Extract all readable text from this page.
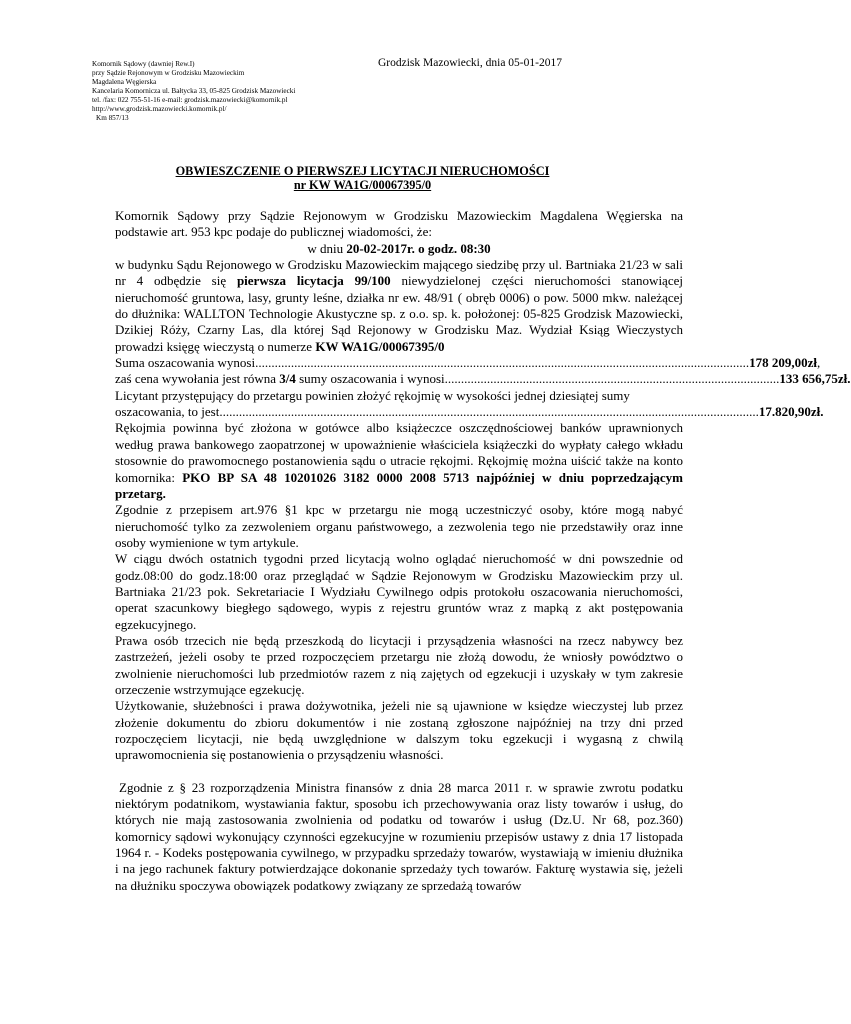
Komornik Sądowy (dawniej Rew.I)
przy Sądzie Rejonowym w Grodzisku Mazowieckim
Magdalena Węgierska
Kancelaria Komornicza ul. Bałtycka 33, 05-825 Grodzisk Mazowiecki
tel. /fax: 022 755-51-16 e-mail: grodzisk.mazowiecki@komornik.pl
http://www.grodzisk.mazowiecki.komornik.pl/
Km 857/13
Grodzisk Mazowiecki, dnia 05-01-2017
OBWIESZCZENIE O PIERWSZEJ LICYTACJI NIERUCHOMOŚCI
nr KW WA1G/00067395/0

Komornik Sądowy przy Sądzie Rejonowym w Grodzisku Mazowieckim Magdalena Węgierska na podstawie art. 953 kpc podaje do publicznej wiadomości, że:

w dniu 20-02-2017r. o godz. 08:30

w budynku Sądu Rejonowego w Grodzisku Mazowieckim mającego siedzibę przy ul. Bartniaka 21/23 w sali nr 4 odbędzie się pierwsza licytacja 99/100 niewydzielonej części nieruchomości stanowiącej nieruchomość gruntowa, lasy, grunty leśne, działka nr ew. 48/91 ( obręb 0006) o pow. 5000 mkw. należącej do dłużnika: WALLTON Technologie Akustyczne sp. z o.o. sp. k. położonej: 05-825 Grodzisk Mazowiecki, Dzikiej Róży, Czarny Las, dla której Sąd Rejonowy w Grodzisku Maz. Wydział Ksiąg Wieczystych prowadzi księgę wieczystą o numerze KW WA1G/00067395/0

Suma oszacowania wynosi ........................................................................................................................................................ 178 209,00zł,
zaś cena wywołania jest równa 3/4 sumy oszacowania i wynosi ....................................................................................................... 133 656,75zł.

Licytant przystępujący do przetargu powinien złożyć rękojmię w wysokości jednej dziesiątej sumy

oszacowania, to jest ...................................................................................................................................................................... 17.820,90zł.

Rękojmia powinna być złożona w gotówce albo książeczce oszczędnościowej banków uprawnionych według prawa bankowego zaopatrzonej w upoważnienie właściciela książeczki do wypłaty całego wkładu stosownie do prawomocnego postanowienia sądu o utracie rękojmi. Rękojmię można uiścić także na konto komornika: PKO BP SA 48 10201026 3182 0000 2008 5713 najpóźniej w dniu poprzedzającym przetarg.

Zgodnie z przepisem art.976 §1 kpc w przetargu nie mogą uczestniczyć osoby, które mogą nabyć nieruchomość tylko za zezwoleniem organu państwowego, a zezwolenia tego nie przedstawiły oraz inne osoby wymienione w tym artykule.

W ciągu dwóch ostatnich tygodni przed licytacją wolno oglądać nieruchomość w dni powszednie od godz.08:00 do godz.18:00 oraz przeglądać w Sądzie Rejonowym w Grodzisku Mazowieckim przy ul. Bartniaka 21/23 pok. Sekretariacie I Wydziału Cywilnego odpis protokołu oszacowania nieruchomości, operat szacunkowy biegłego sądowego, wypis z rejestru gruntów wraz z mapką z akt postępowania egzekucyjnego.

Prawa osób trzecich nie będą przeszkodą do licytacji i przysądzenia własności na rzecz nabywcy bez zastrzeżeń, jeżeli osoby te przed rozpoczęciem przetargu nie złożą dowodu, że wniosły powództwo o zwolnienie nieruchomości lub przedmiotów razem z nią zajętych od egzekucji i uzyskały w tym zakresie orzeczenie wstrzymujące egzekucję.

Użytkowanie, służebności i prawa dożywotnika, jeżeli nie są ujawnione w księdze wieczystej lub przez złożenie dokumentu do zbioru dokumentów i nie zostaną zgłoszone najpóźniej na trzy dni przed rozpoczęciem licytacji, nie będą uwzględnione w dalszym toku egzekucji i wygasną z chwilą uprawomocnienia się postanowienia o przysądzeniu własności.

Zgodnie z § 23 rozporządzenia Ministra finansów z dnia 28 marca 2011 r. w sprawie zwrotu podatku niektórym podatnikom, wystawiania faktur, sposobu ich przechowywania oraz listy towarów i usług, do których nie mają zastosowania zwolnienia od podatku od towarów i usług (Dz.U. Nr 68, poz.360) komornicy sądowi wykonujący czynności egzekucyjne w rozumieniu przepisów ustawy z dnia 17 listopada 1964 r. - Kodeks postępowania cywilnego, w przypadku sprzedaży towarów, wystawiają w imieniu dłużnika i na jego rachunek faktury potwierdzające dokonanie sprzedaży tych towarów. Fakturę wystawia się, jeżeli na dłużniku spoczywa obowiązek podatkowy związany ze sprzedażą towarów
